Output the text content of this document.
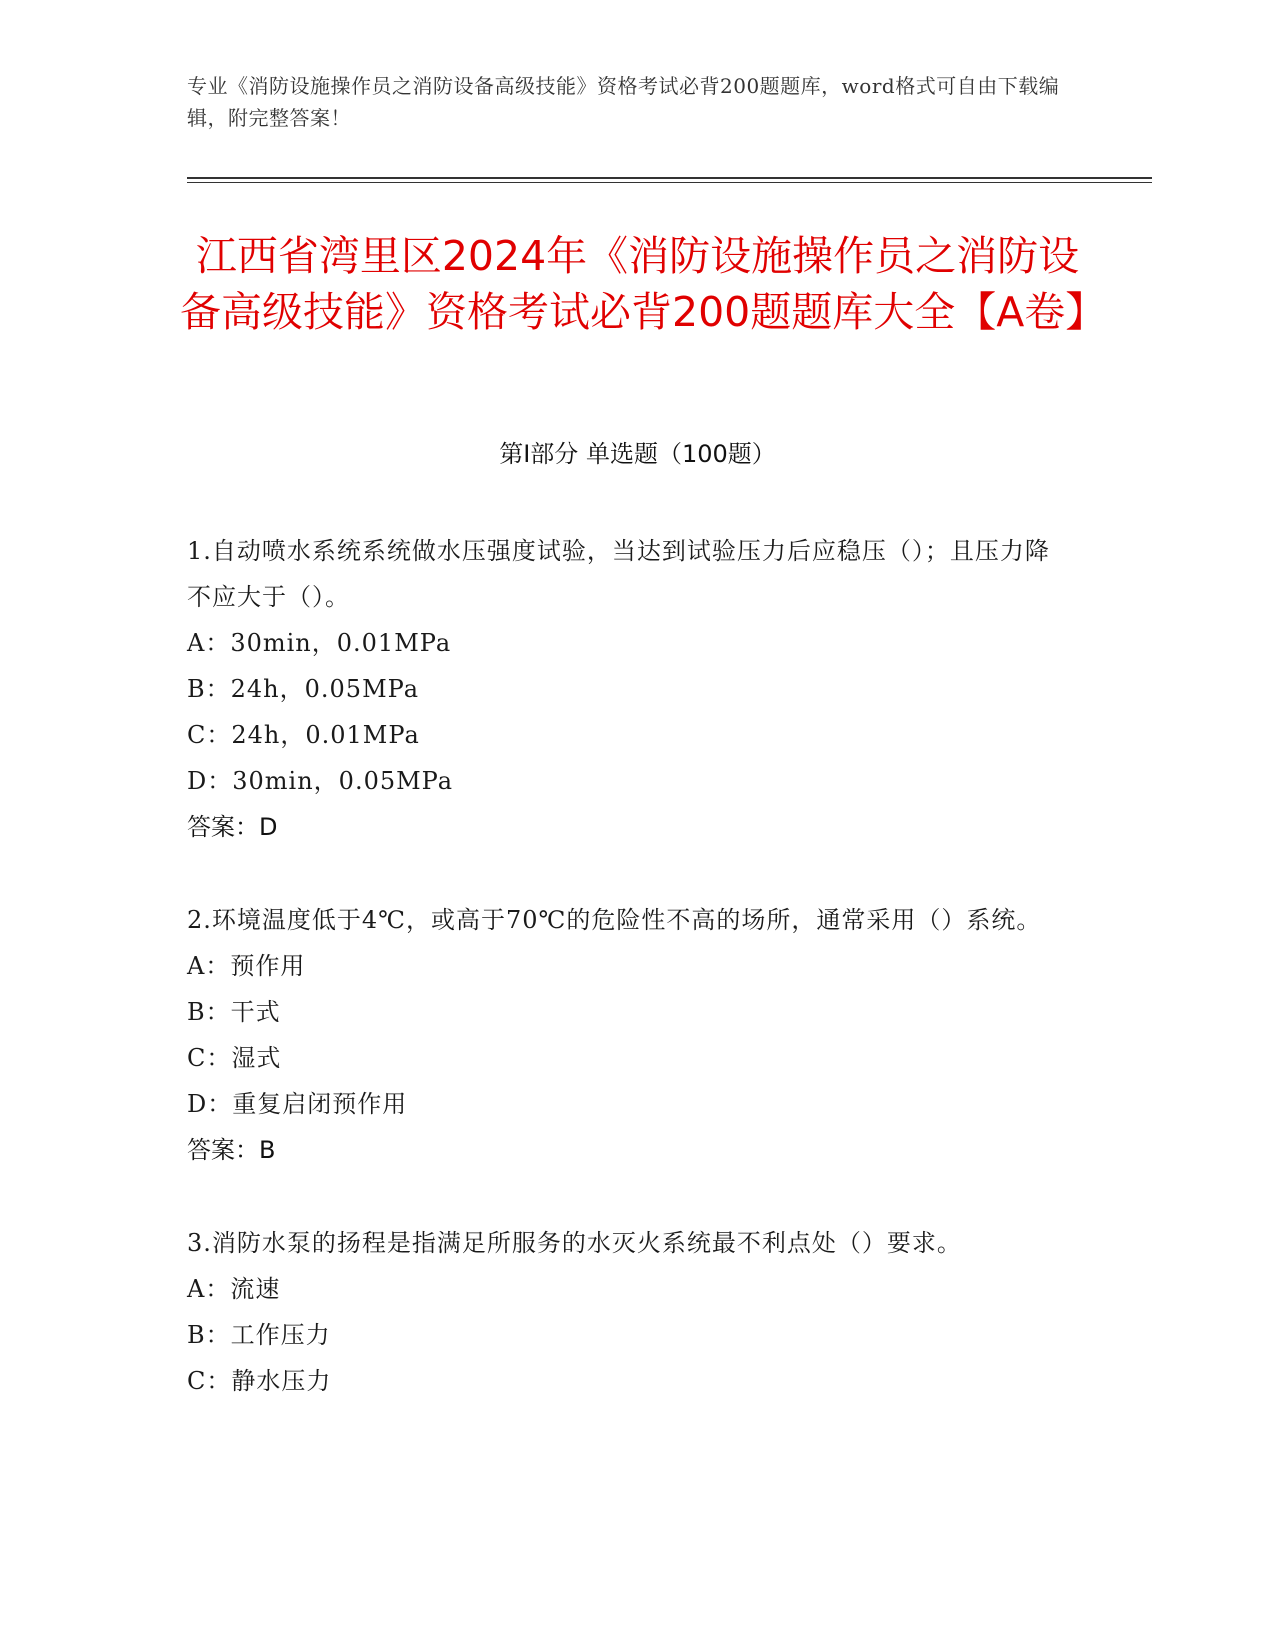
专业《消防设施操作员之消防设备高级技能》资格考试必背200题题库，word格式可自由下载编辑，附完整答案！
江西省湾里区2024年《消防设施操作员之消防设备高级技能》资格考试必背200题题库大全【A卷】
第Ⅰ部分 单选题（100题）
1.自动喷水系统系统做水压强度试验，当达到试验压力后应稳压（）；且压力降不应大于（）。
A：30min，0.01MPa
B：24h，0.05MPa
C：24h，0.01MPa
D：30min，0.05MPa
答案：D
2.环境温度低于4℃，或高于70℃的危险性不高的场所，通常采用（）系统。
A：预作用
B：干式
C：湿式
D：重复启闭预作用
答案：B
3.消防水泵的扬程是指满足所服务的水灭火系统最不利点处（）要求。
A：流速
B：工作压力
C：静水压力
